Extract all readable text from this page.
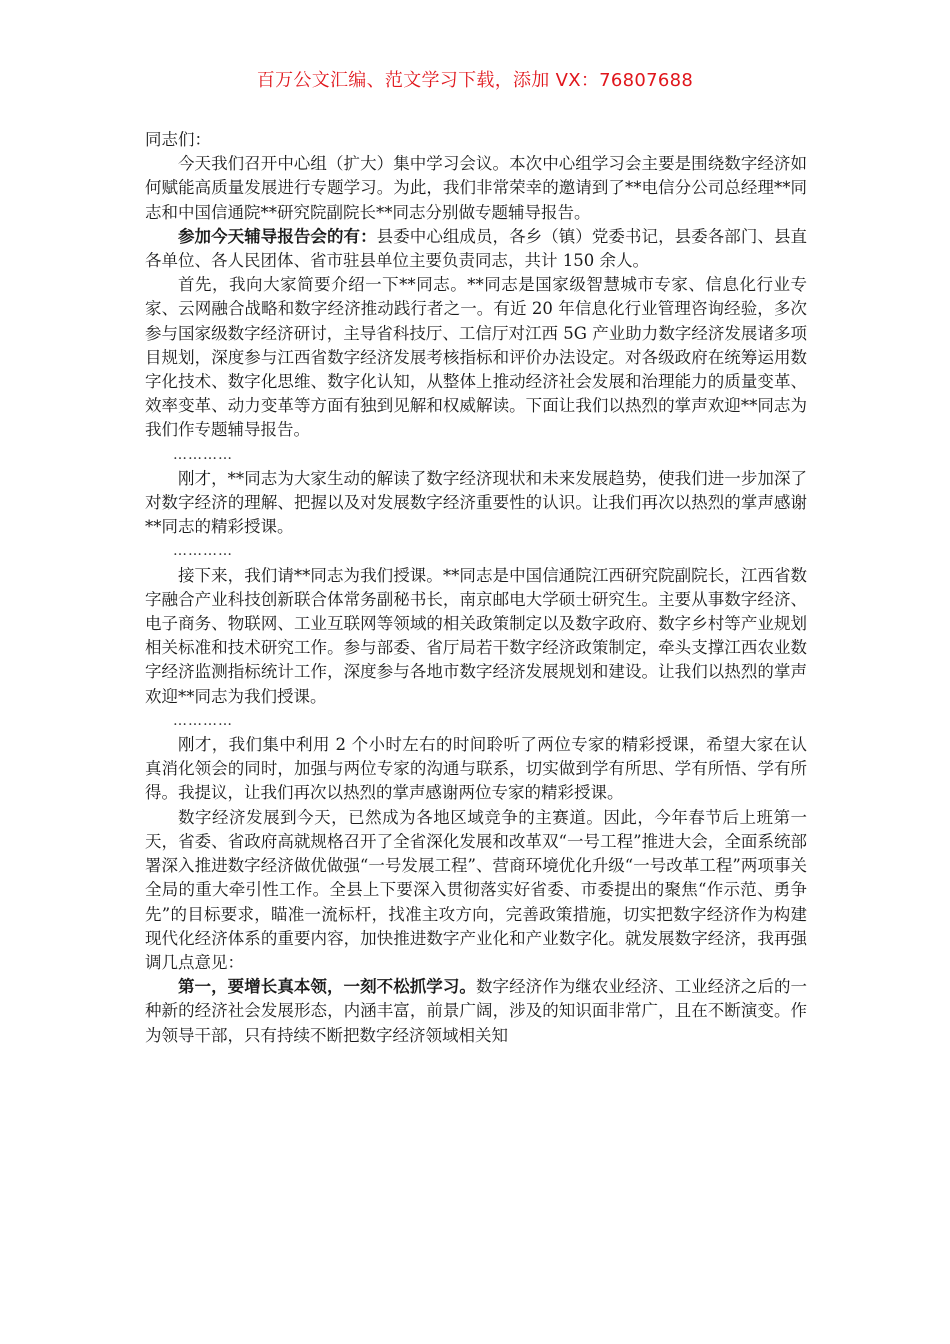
百万公文汇编、范文学习下载，添加 VX：76807688

同志们：

今天我们召开中心组（扩大）集中学习会议。本次中心组学习会主要是围绕数字经济如何赋能高质量发展进行专题学习。为此，我们非常荣幸的邀请到了**电信分公司总经理**同志和中国信通院**研究院副院长**同志分别做专题辅导报告。

参加今天辅导报告会的有：县委中心组成员，各乡（镇）党委书记，县委各部门、县直各单位、各人民团体、省市驻县单位主要负责同志，共计 150 余人。

首先，我向大家简要介绍一下**同志。**同志是国家级智慧城市专家、信息化行业专家、云网融合战略和数字经济推动践行者之一。有近 20 年信息化行业管理咨询经验，多次参与国家级数字经济研讨，主导省科技厅、工信厅对江西 5G 产业助力数字经济发展诸多项目规划，深度参与江西省数字经济发展考核指标和评价办法设定。对各级政府在统筹运用数字化技术、数字化思维、数字化认知，从整体上推动经济社会发展和治理能力的质量变革、效率变革、动力变革等方面有独到见解和权威解读。下面让我们以热烈的掌声欢迎**同志为我们作专题辅导报告。

…………

刚才，**同志为大家生动的解读了数字经济现状和未来发展趋势，使我们进一步加深了对数字经济的理解、把握以及对发展数字经济重要性的认识。让我们再次以热烈的掌声感谢**同志的精彩授课。

…………

接下来，我们请**同志为我们授课。**同志是中国信通院江西研究院副院长，江西省数字融合产业科技创新联合体常务副秘书长，南京邮电大学硕士研究生。主要从事数字经济、电子商务、物联网、工业互联网等领域的相关政策制定以及数字政府、数字乡村等产业规划相关标准和技术研究工作。参与部委、省厅局若干数字经济政策制定，牵头支撑江西农业数字经济监测指标统计工作，深度参与各地市数字经济发展规划和建设。让我们以热烈的掌声欢迎**同志为我们授课。

…………

刚才，我们集中利用 2 个小时左右的时间聆听了两位专家的精彩授课，希望大家在认真消化领会的同时，加强与两位专家的沟通与联系，切实做到学有所思、学有所悟、学有所得。我提议，让我们再次以热烈的掌声感谢两位专家的精彩授课。

数字经济发展到今天，已然成为各地区域竞争的主赛道。因此，今年春节后上班第一天，省委、省政府高就规格召开了全省深化发展和改革双“一号工程”推进大会，全面系统部署深入推进数字经济做优做强“一号发展工程”、营商环境优化升级“一号改革工程”两项事关全局的重大牵引性工作。全县上下要深入贯彻落实好省委、市委提出的聚焦“作示范、勇争先”的目标要求，瞄准一流标杆，找准主攻方向，完善政策措施，切实把数字经济作为构建现代化经济体系的重要内容，加快推进数字产业化和产业数字化。就发展数字经济，我再强调几点意见：

第一，要增长真本领，一刻不松抓学习。数字经济作为继农业经济、工业经济之后的一种新的经济社会发展形态，内涵丰富，前景广阔，涉及的知识面非常广，且在不断演变。作为领导干部，只有持续不断把数字经济领域相关知
